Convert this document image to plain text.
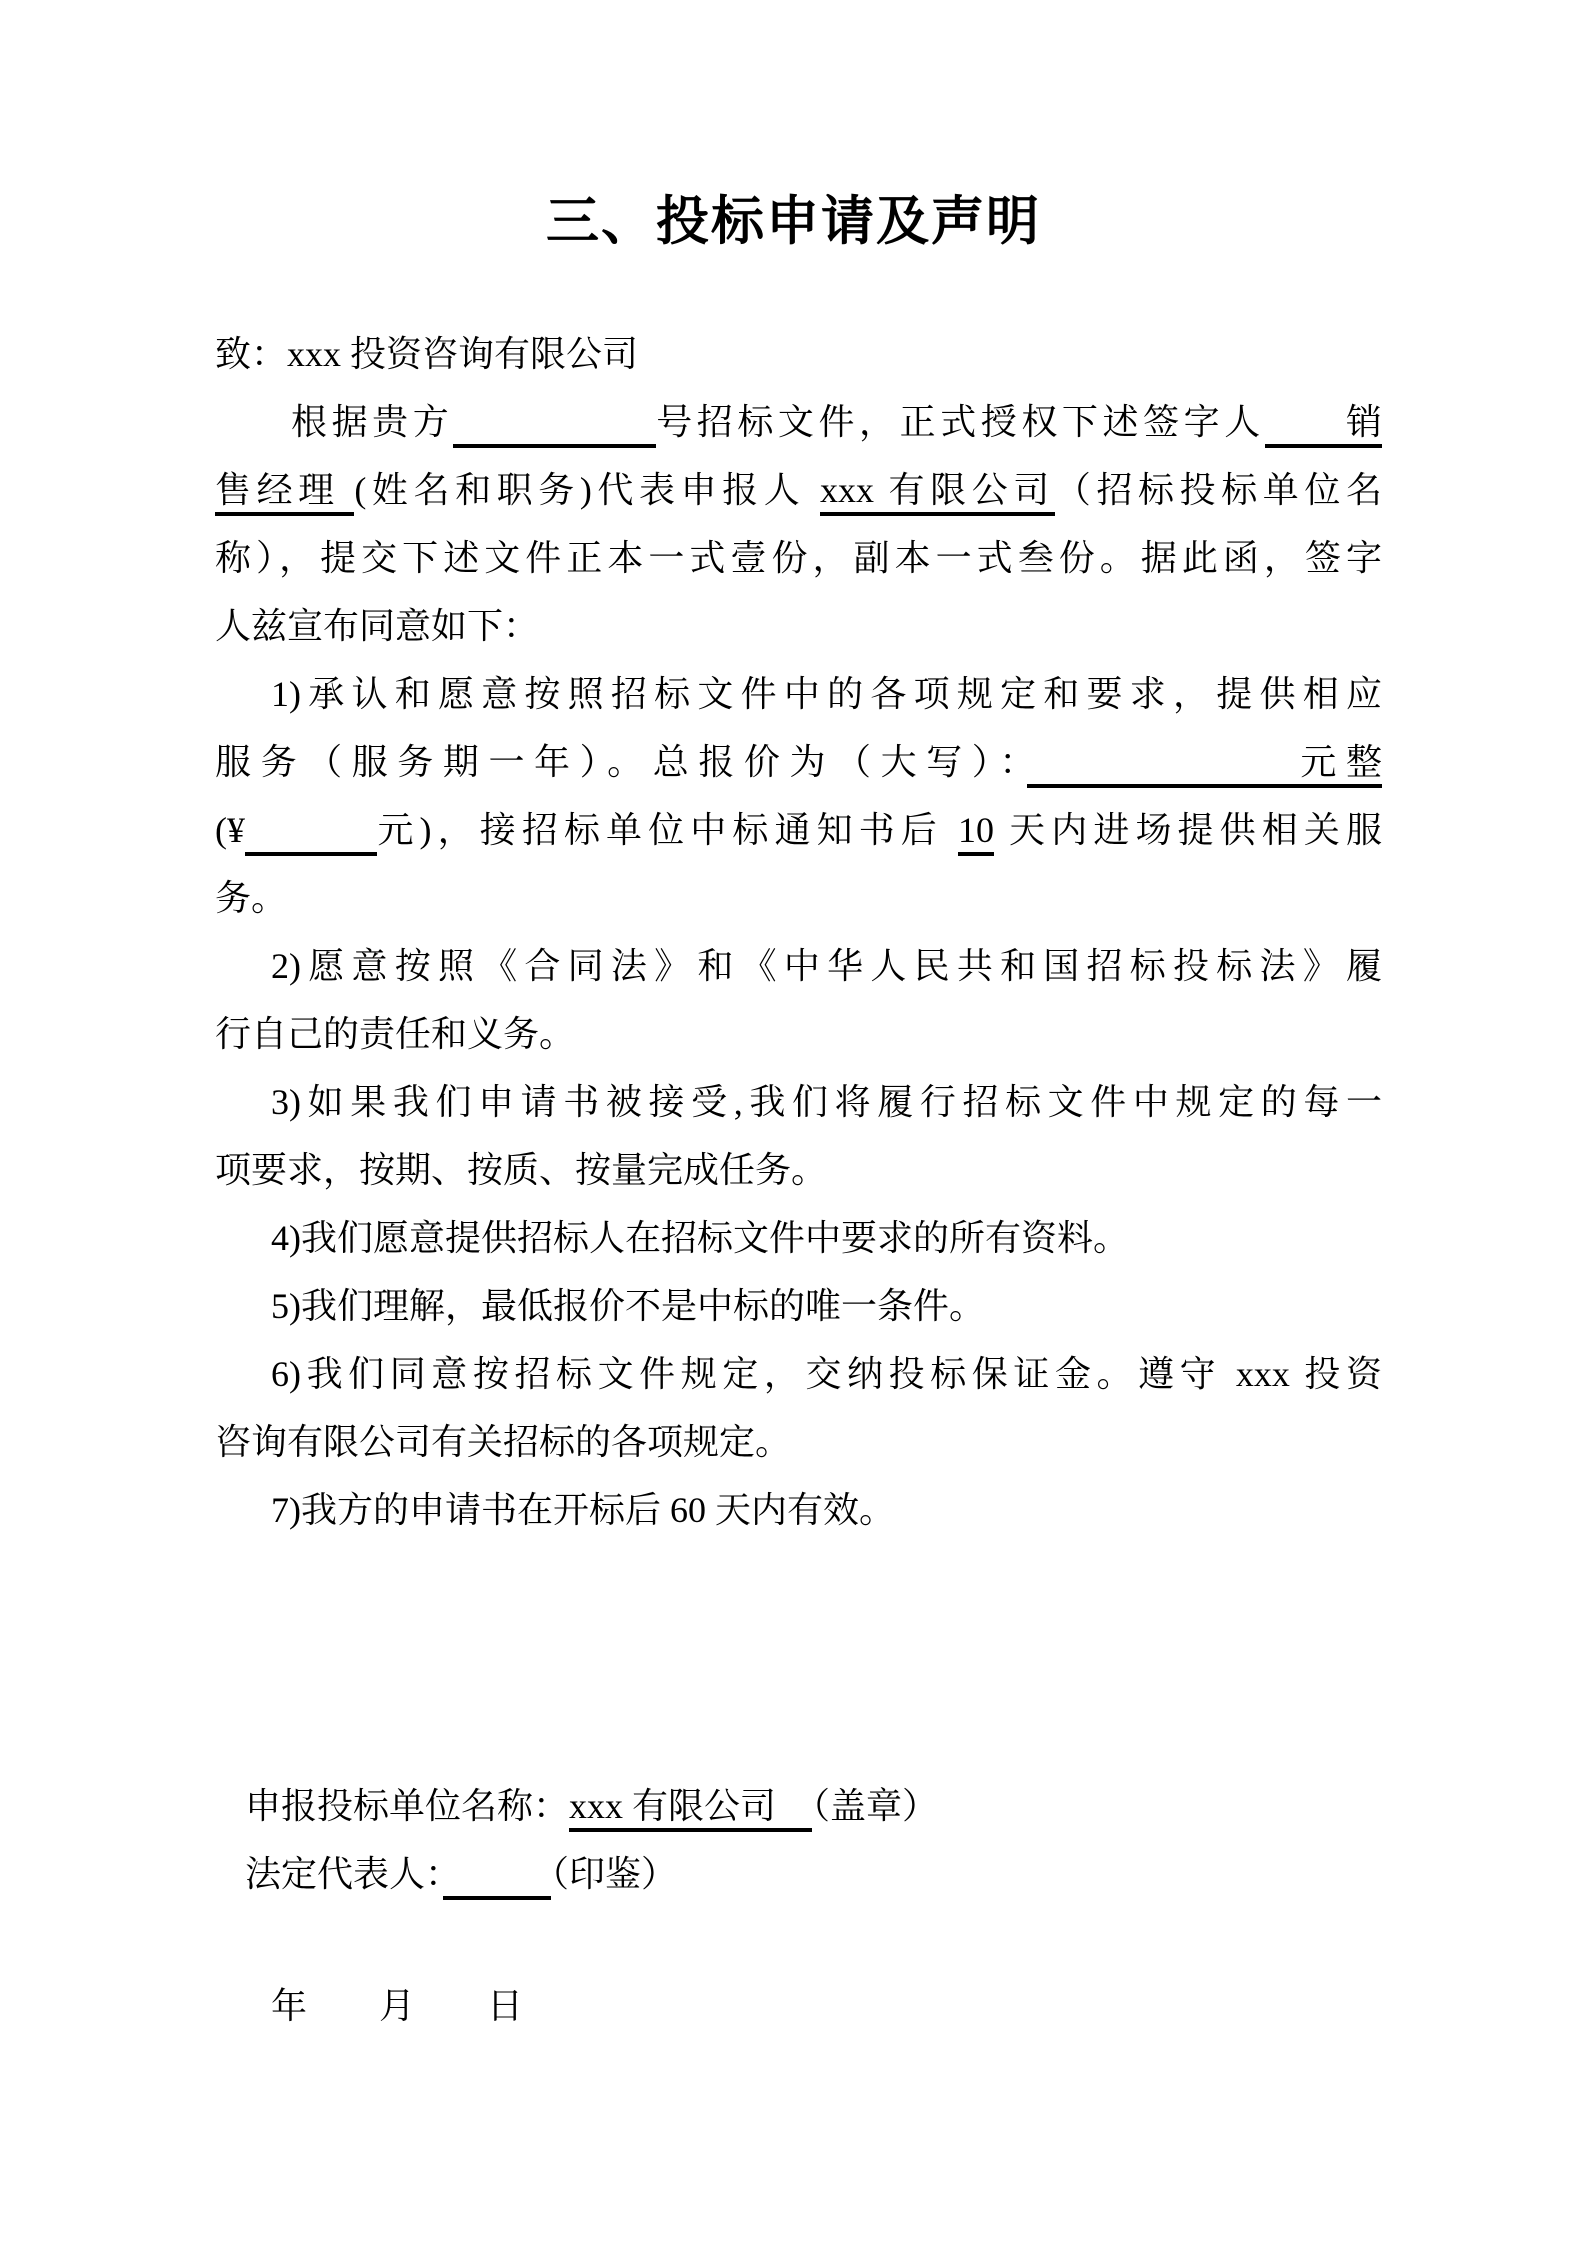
三、投标申请及声明
致：xxx 投资咨询有限公司
根据贵方　　　　　	号招标文件，正式授权下述签字人　　销
售经理 (姓名和职务)代表申报人 xxx 有限公司（招标投标单位名
称），提交下述文件正本一式壹份，副本一式叁份。据此函，签字
人兹宣布同意如下：
1)承认和愿意按照招标文件中的各项规定和要求，提供相应
服务（服务期一年）。总报价为（大写）：　　　　　　元整
(¥　　　	元)，接招标单位中标通知书后 10 天内进场提供相关服
务。
2)愿意按照《合同法》和《中华人民共和国招标投标法》履
行自己的责任和义务。
3)如果我们申请书被接受,我们将履行招标文件中规定的每一
项要求，按期、按质、按量完成任务。
4)我们愿意提供招标人在招标文件中要求的所有资料。
5)我们理解，最低报价不是中标的唯一条件。
6)我们同意按招标文件规定，交纳投标保证金。遵守 xxx 投资
咨询有限公司有关招标的各项规定。
7)我方的申请书在开标后 60 天内有效。
申报投标单位名称：xxx 有限公司　（盖章）
法定代表人：　　　	（印鉴）
年　　月　　日
